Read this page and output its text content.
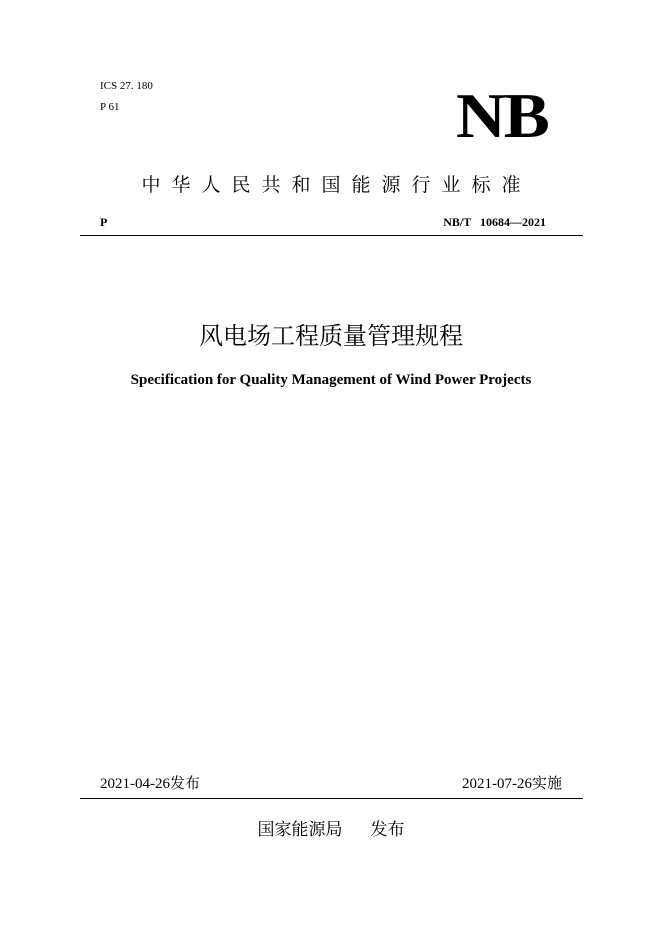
ICS 27. 180
P 61	NB
中华人民共和国能源行业标准
P	NB/T 10684—2021
风电场工程质量管理规程
Specification for Quality Management of Wind Power Projects
2021-04-26发布	2021-07-26实施
国家能源局 发布
